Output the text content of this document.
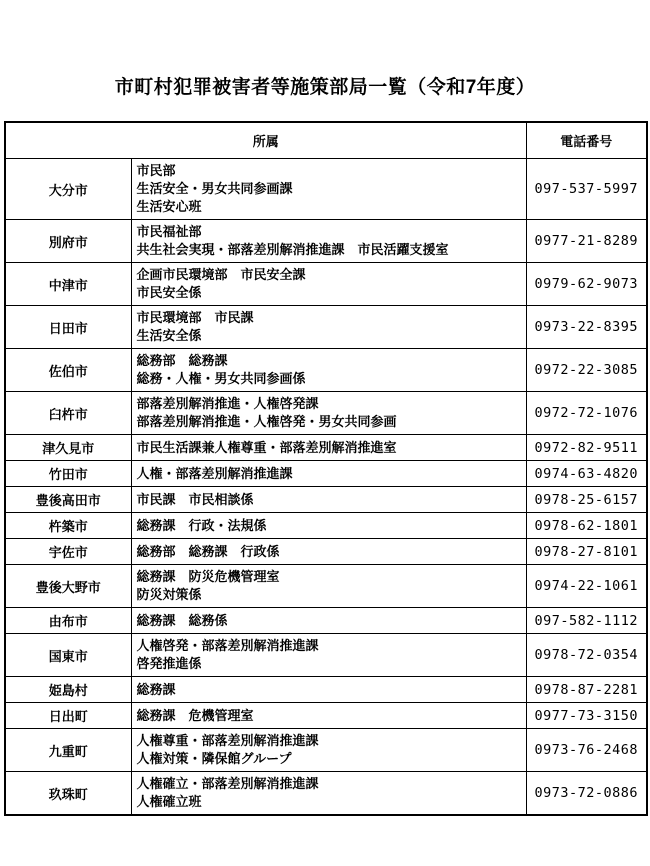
市町村犯罪被害者等施策部局一覧（令和7年度）
所属		電話番号
大分市	市民部
生活安全・男女共同参画課
生活安心班	097-537-5997
別府市	市民福祉部
共生社会実現・部落差別解消推進課　市民活躍支援室	0977-21-8289
中津市	企画市民環境部　市民安全課
市民安全係	0979-62-9073
日田市	市民環境部　市民課
生活安全係	0973-22-8395
佐伯市	総務部　総務課
総務・人権・男女共同参画係	0972-22-3085
臼杵市	部落差別解消推進・人権啓発課
部落差別解消推進・人権啓発・男女共同参画	0972-72-1076
津久見市	市民生活課兼人権尊重・部落差別解消推進室	0972-82-9511
竹田市	人権・部落差別解消推進課	0974-63-4820
豊後高田市	市民課　市民相談係	0978-25-6157
杵築市	総務課　行政・法規係	0978-62-1801
宇佐市	総務部　総務課　行政係	0978-27-8101
豊後大野市	総務課　防災危機管理室
防災対策係	0974-22-1061
由布市	総務課　総務係	097-582-1112
国東市	人権啓発・部落差別解消推進課
啓発推進係	0978-72-0354
姫島村	総務課	0978-87-2281
日出町	総務課　危機管理室	0977-73-3150
九重町	人権尊重・部落差別解消推進課
人権対策・隣保館グループ	0973-76-2468
玖珠町	人権確立・部落差別解消推進課
人権確立班	0973-72-0886
